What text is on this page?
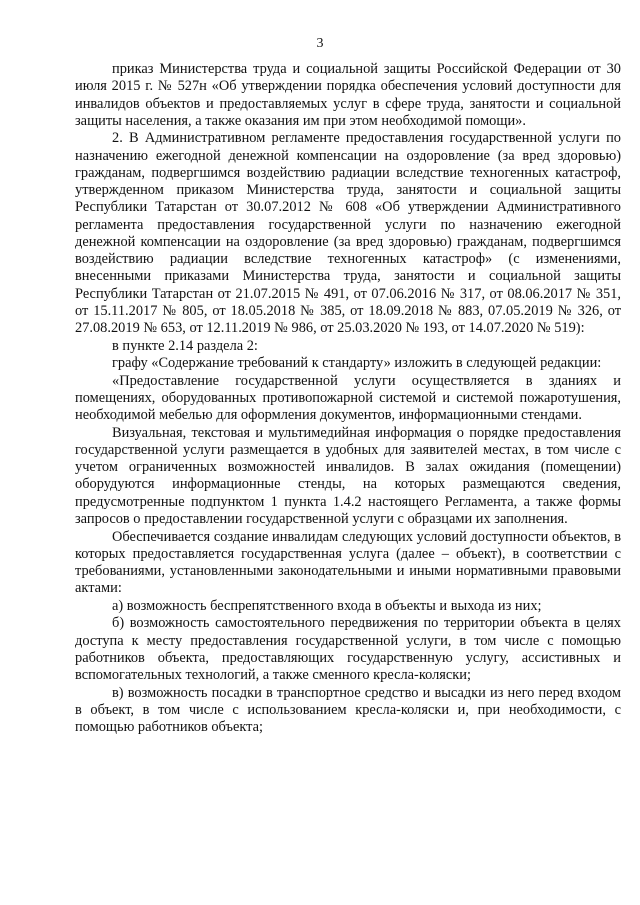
3

приказ Министерства труда и социальной защиты Российской Федерации от 30 июля 2015 г. № 527н «Об утверждении порядка обеспечения условий доступности для инвалидов объектов и предоставляемых услуг в сфере труда, занятости и социальной защиты населения, а также оказания им при этом необходимой помощи».

2. В Административном регламенте предоставления государственной услуги по назначению ежегодной денежной компенсации на оздоровление (за вред здоровью) гражданам, подвергшимся воздействию радиации вследствие техногенных катастроф, утвержденном приказом Министерства труда, занятости и социальной защиты Республики Татарстан от 30.07.2012 № 608 «Об утверждении Административного регламента предоставления государственной услуги по назначению ежегодной денежной компенсации на оздоровление (за вред здоровью) гражданам, подвергшимся воздействию радиации вследствие техногенных катастроф» (с изменениями, внесенными приказами Министерства труда, занятости и социальной защиты Республики Татарстан от 21.07.2015 № 491, от 07.06.2016 № 317, от 08.06.2017 № 351, от 15.11.2017 № 805, от 18.05.2018 № 385, от 18.09.2018 № 883, 07.05.2019 № 326, от 27.08.2019 № 653, от 12.11.2019 № 986, от 25.03.2020 № 193, от 14.07.2020 № 519):

в пункте 2.14 раздела 2:

графу «Содержание требований к стандарту» изложить в следующей редакции:

«Предоставление государственной услуги осуществляется в зданиях и помещениях, оборудованных противопожарной системой и системой пожаротушения, необходимой мебелью для оформления документов, информационными стендами.

Визуальная, текстовая и мультимедийная информация о порядке предоставления государственной услуги размещается в удобных для заявителей местах, в том числе с учетом ограниченных возможностей инвалидов. В залах ожидания (помещении) оборудуются информационные стенды, на которых размещаются сведения, предусмотренные подпунктом 1 пункта 1.4.2 настоящего Регламента, а также формы запросов о предоставлении государственной услуги с образцами их заполнения.

Обеспечивается создание инвалидам следующих условий доступности объектов, в которых предоставляется государственная услуга (далее – объект), в соответствии с требованиями, установленными законодательными и иными нормативными правовыми актами:

а) возможность беспрепятственного входа в объекты и выхода из них;

б) возможность самостоятельного передвижения по территории объекта в целях доступа к месту предоставления государственной услуги, в том числе с помощью работников объекта, предоставляющих государственную услугу, ассистивных и вспомогательных технологий, а также сменного кресла-коляски;

в) возможность посадки в транспортное средство и высадки из него перед входом в объект, в том числе с использованием кресла-коляски и, при необходимости, с помощью работников объекта;
